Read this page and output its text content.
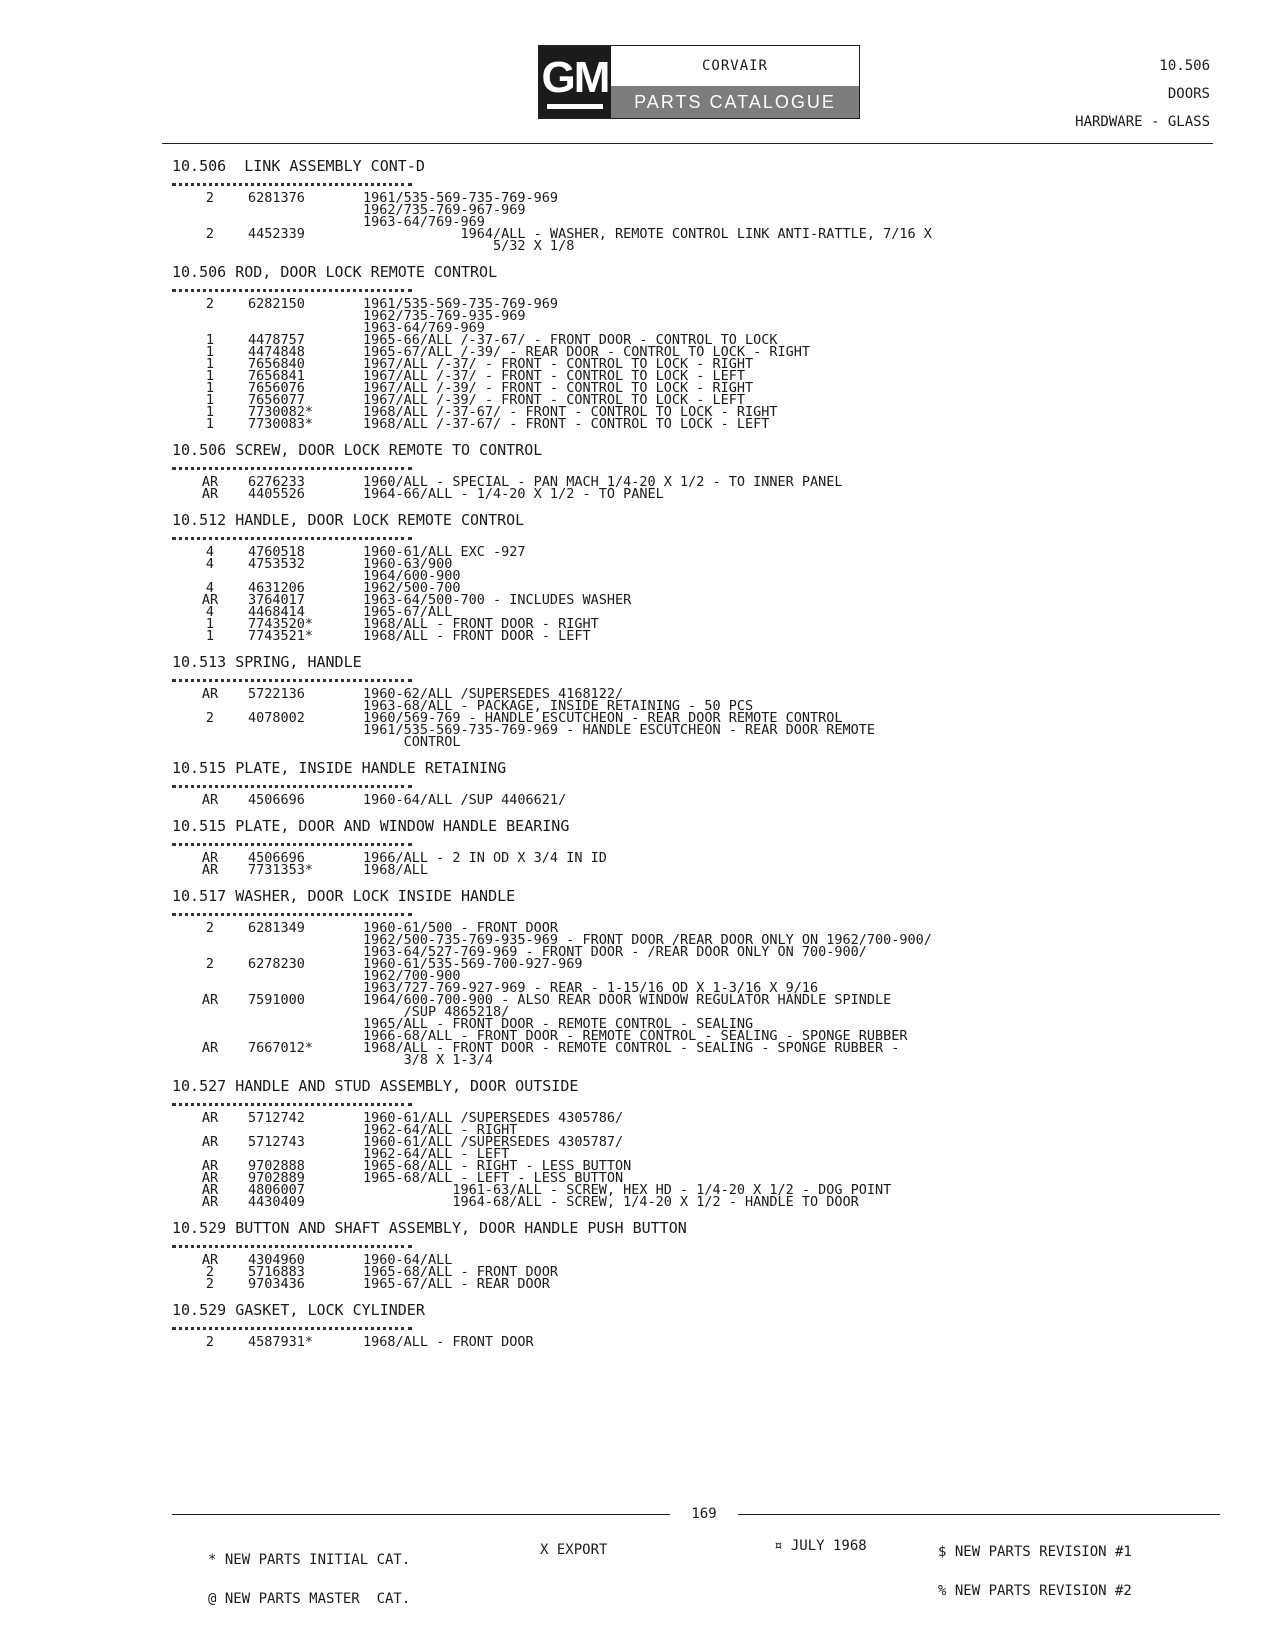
GM	CORVAIR
PARTS CATALOGUE
10.506
DOORS
HARDWARE - GLASS
10.506  LINK ASSEMBLY CONT-D
2	6281376	1961/535-569-735-769-969
1962/735-769-967-969
1963-64/769-969
2	4452339	1964/ALL - WASHER, REMOTE CONTROL LINK ANTI-RATTLE, 7/16 X
5/32 X 1/8
10.506 ROD, DOOR LOCK REMOTE CONTROL
2	6282150	1961/535-569-735-769-969
1962/735-769-935-969
1963-64/769-969
1	4478757	1965-66/ALL /-37-67/ - FRONT DOOR - CONTROL TO LOCK
1	4474848	1965-67/ALL /-39/ - REAR DOOR - CONTROL TO LOCK - RIGHT
1	7656840	1967/ALL /-37/ - FRONT - CONTROL TO LOCK - RIGHT
1	7656841	1967/ALL /-37/ - FRONT - CONTROL TO LOCK - LEFT
1	7656076	1967/ALL /-39/ - FRONT - CONTROL TO LOCK - RIGHT
1	7656077	1967/ALL /-39/ - FRONT - CONTROL TO LOCK - LEFT
1	7730082*	1968/ALL /-37-67/ - FRONT - CONTROL TO LOCK - RIGHT
1	7730083*	1968/ALL /-37-67/ - FRONT - CONTROL TO LOCK - LEFT
10.506 SCREW, DOOR LOCK REMOTE TO CONTROL
AR	6276233	1960/ALL - SPECIAL - PAN MACH 1/4-20 X 1/2 - TO INNER PANEL
AR	4405526	1964-66/ALL - 1/4-20 X 1/2 - TO PANEL
10.512 HANDLE, DOOR LOCK REMOTE CONTROL
4	4760518	1960-61/ALL EXC -927
4	4753532	1960-63/900
1964/600-900
4	4631206	1962/500-700
AR	3764017	1963-64/500-700 - INCLUDES WASHER
4	4468414	1965-67/ALL
1	7743520*	1968/ALL - FRONT DOOR - RIGHT
1	7743521*	1968/ALL - FRONT DOOR - LEFT
10.513 SPRING, HANDLE
AR	5722136	1960-62/ALL /SUPERSEDES 4168122/
1963-68/ALL - PACKAGE, INSIDE RETAINING - 50 PCS
2	4078002	1960/569-769 - HANDLE ESCUTCHEON - REAR DOOR REMOTE CONTROL
1961/535-569-735-769-969 - HANDLE ESCUTCHEON - REAR DOOR REMOTE
CONTROL
10.515 PLATE, INSIDE HANDLE RETAINING
AR	4506696	1960-64/ALL /SUP 4406621/
10.515 PLATE, DOOR AND WINDOW HANDLE BEARING
AR	4506696	1966/ALL - 2 IN OD X 3/4 IN ID
AR	7731353*	1968/ALL
10.517 WASHER, DOOR LOCK INSIDE HANDLE
2	6281349	1960-61/500 - FRONT DOOR
1962/500-735-769-935-969 - FRONT DOOR /REAR DOOR ONLY ON 1962/700-900/
1963-64/527-769-969 - FRONT DOOR - /REAR DOOR ONLY ON 700-900/
2	6278230	1960-61/535-569-700-927-969
1962/700-900
1963/727-769-927-969 - REAR - 1-15/16 OD X 1-3/16 X 9/16
AR	7591000	1964/600-700-900 - ALSO REAR DOOR WINDOW REGULATOR HANDLE SPINDLE
/SUP 4865218/
1965/ALL - FRONT DOOR - REMOTE CONTROL - SEALING
1966-68/ALL - FRONT DOOR - REMOTE CONTROL - SEALING - SPONGE RUBBER
AR	7667012*	1968/ALL - FRONT DOOR - REMOTE CONTROL - SEALING - SPONGE RUBBER -
3/8 X 1-3/4
10.527 HANDLE AND STUD ASSEMBLY, DOOR OUTSIDE
AR	5712742	1960-61/ALL /SUPERSEDES 4305786/
1962-64/ALL - RIGHT
AR	5712743	1960-61/ALL /SUPERSEDES 4305787/
1962-64/ALL - LEFT
AR	9702888	1965-68/ALL - RIGHT - LESS BUTTON
AR	9702889	1965-68/ALL - LEFT - LESS BUTTON
AR	4806007	1961-63/ALL - SCREW, HEX HD - 1/4-20 X 1/2 - DOG POINT
AR	4430409	1964-68/ALL - SCREW, 1/4-20 X 1/2 - HANDLE TO DOOR
10.529 BUTTON AND SHAFT ASSEMBLY, DOOR HANDLE PUSH BUTTON
AR	4304960	1960-64/ALL
2	5716883	1965-68/ALL - FRONT DOOR
2	9703436	1965-67/ALL - REAR DOOR
10.529 GASKET, LOCK CYLINDER
2	4587931*	1968/ALL - FRONT DOOR
169

* NEW PARTS INITIAL CAT.

@ NEW PARTS MASTER  CAT.

X EXPORT	¤ JULY 1968

	$ NEW PARTS REVISION #1

% NEW PARTS REVISION #2
